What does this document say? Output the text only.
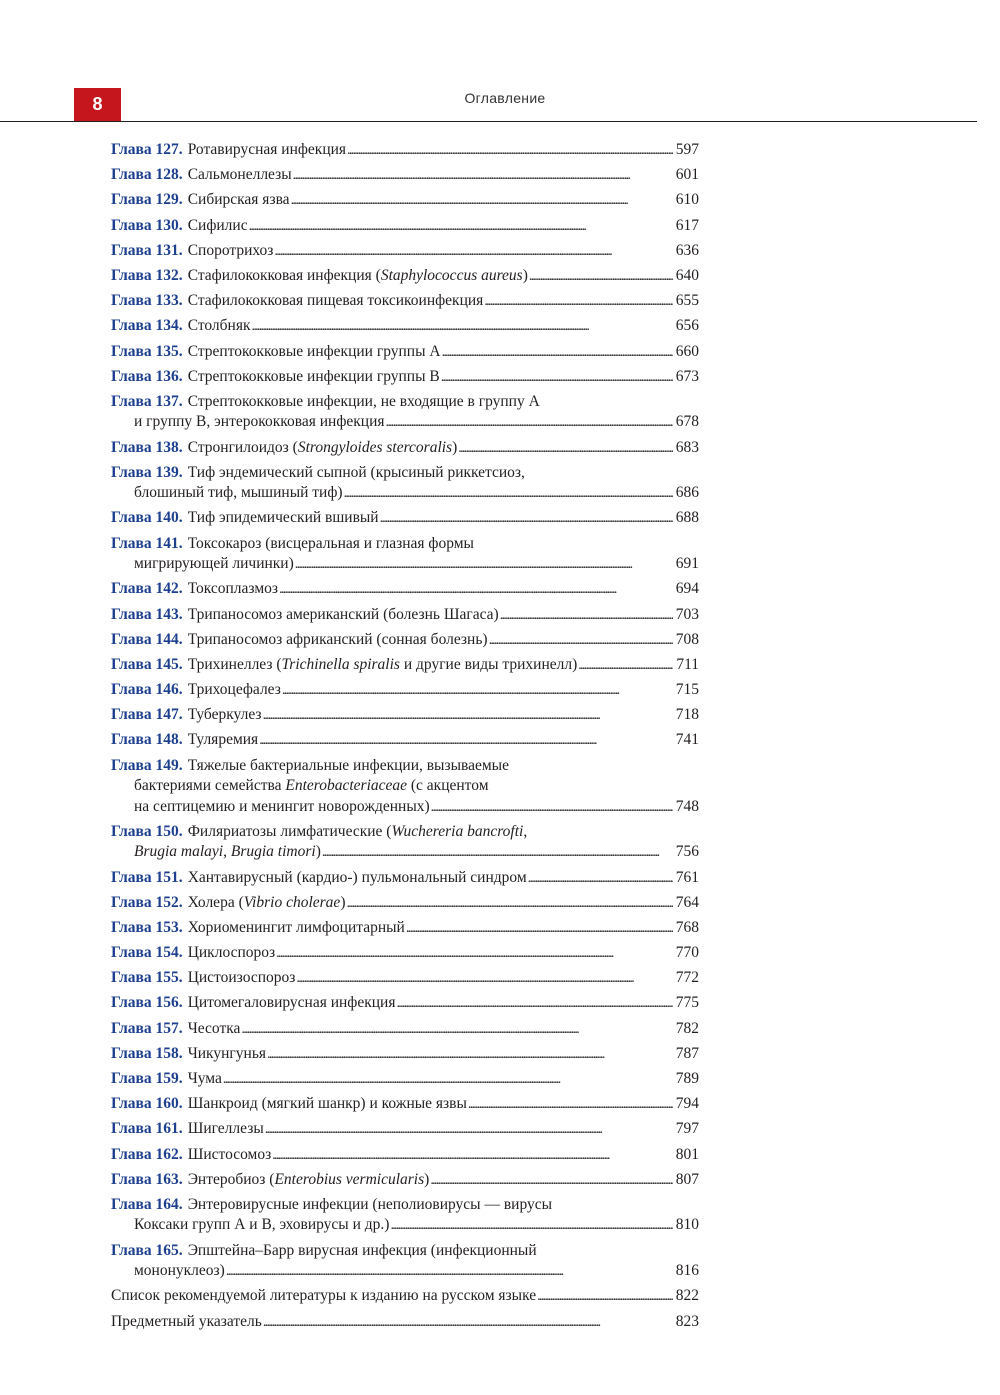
8	Оглавление
Глава 127. Ротавирусная инфекция . . .	597
Глава 128. Сальмонеллезы . . .	601
Глава 129. Сибирская язва . . .	610
Глава 130. Сифилис . . .	617
Глава 131. Споротрихоз . . .	636
Глава 132. Стафилококковая инфекция (Staphylococcus aureus) . . .	640
Глава 133. Стафилококковая пищевая токсикоинфекция . . .	655
Глава 134. Столбняк . . .	656
Глава 135. Стрептококковые инфекции группы А . . .	660
Глава 136. Стрептококковые инфекции группы В . . .	673
Глава 137. Стрептококковые инфекции, не входящие в группу А
и группу В, энтерококковая инфекция . . .	678
Глава 138. Стронгилоидоз (Strongyloides stercoralis) . . .	683
Глава 139. Тиф эндемический сыпной (крысиный риккетсиоз,
блошиный тиф, мышиный тиф) . . .	686
Глава 140. Тиф эпидемический вшивый . . .	688
Глава 141. Токсокароз (висцеральная и глазная формы
мигрирующей личинки) . . .	691
Глава 142. Токсоплазмоз . . .	694
Глава 143. Трипаносомоз американский (болезнь Шагаса) . . .	703
Глава 144. Трипаносомоз африканский (сонная болезнь) . . .	708
Глава 145. Трихинеллез (Trichinella spiralis и другие виды трихинелл) . . .	711
Глава 146. Трихоцефалез . . .	715
Глава 147. Туберкулез . . .	718
Глава 148. Туляремия . . .	741
Глава 149. Тяжелые бактериальные инфекции, вызываемые
бактериями семейства Enterobacteriaceae (с акцентом
на септицемию и менингит новорожденных) . . .	748
Глава 150. Филяриатозы лимфатические (Wuchereria bancrofti,
Brugia malayi, Brugia timori) . . .	756
Глава 151. Хантавирусный (кардио-) пульмональный синдром . . .	761
Глава 152. Холера (Vibrio cholerae) . . .	764
Глава 153. Хориоменингит лимфоцитарный . . .	768
Глава 154. Циклоспороз . . .	770
Глава 155. Цистоизоспороз . . .	772
Глава 156. Цитомегаловирусная инфекция . . .	775
Глава 157. Чесотка . . .	782
Глава 158. Чикунгунья . . .	787
Глава 159. Чума . . .	789
Глава 160. Шанкроид (мягкий шанкр) и кожные язвы . . .	794
Глава 161. Шигеллезы . . .	797
Глава 162. Шистосомоз . . .	801
Глава 163. Энтеробиоз (Enterobius vermicularis) . . .	807
Глава 164. Энтеровирусные инфекции (неполиовирусы — вирусы
Коксаки групп А и В, эховирусы и др.) . . .	810
Глава 165. Эпштейна–Барр вирусная инфекция (инфекционный
мононуклеоз) . . .	816
Список рекомендуемой литературы к изданию на русском языке . . .	822
Предметный указатель . . .	823
